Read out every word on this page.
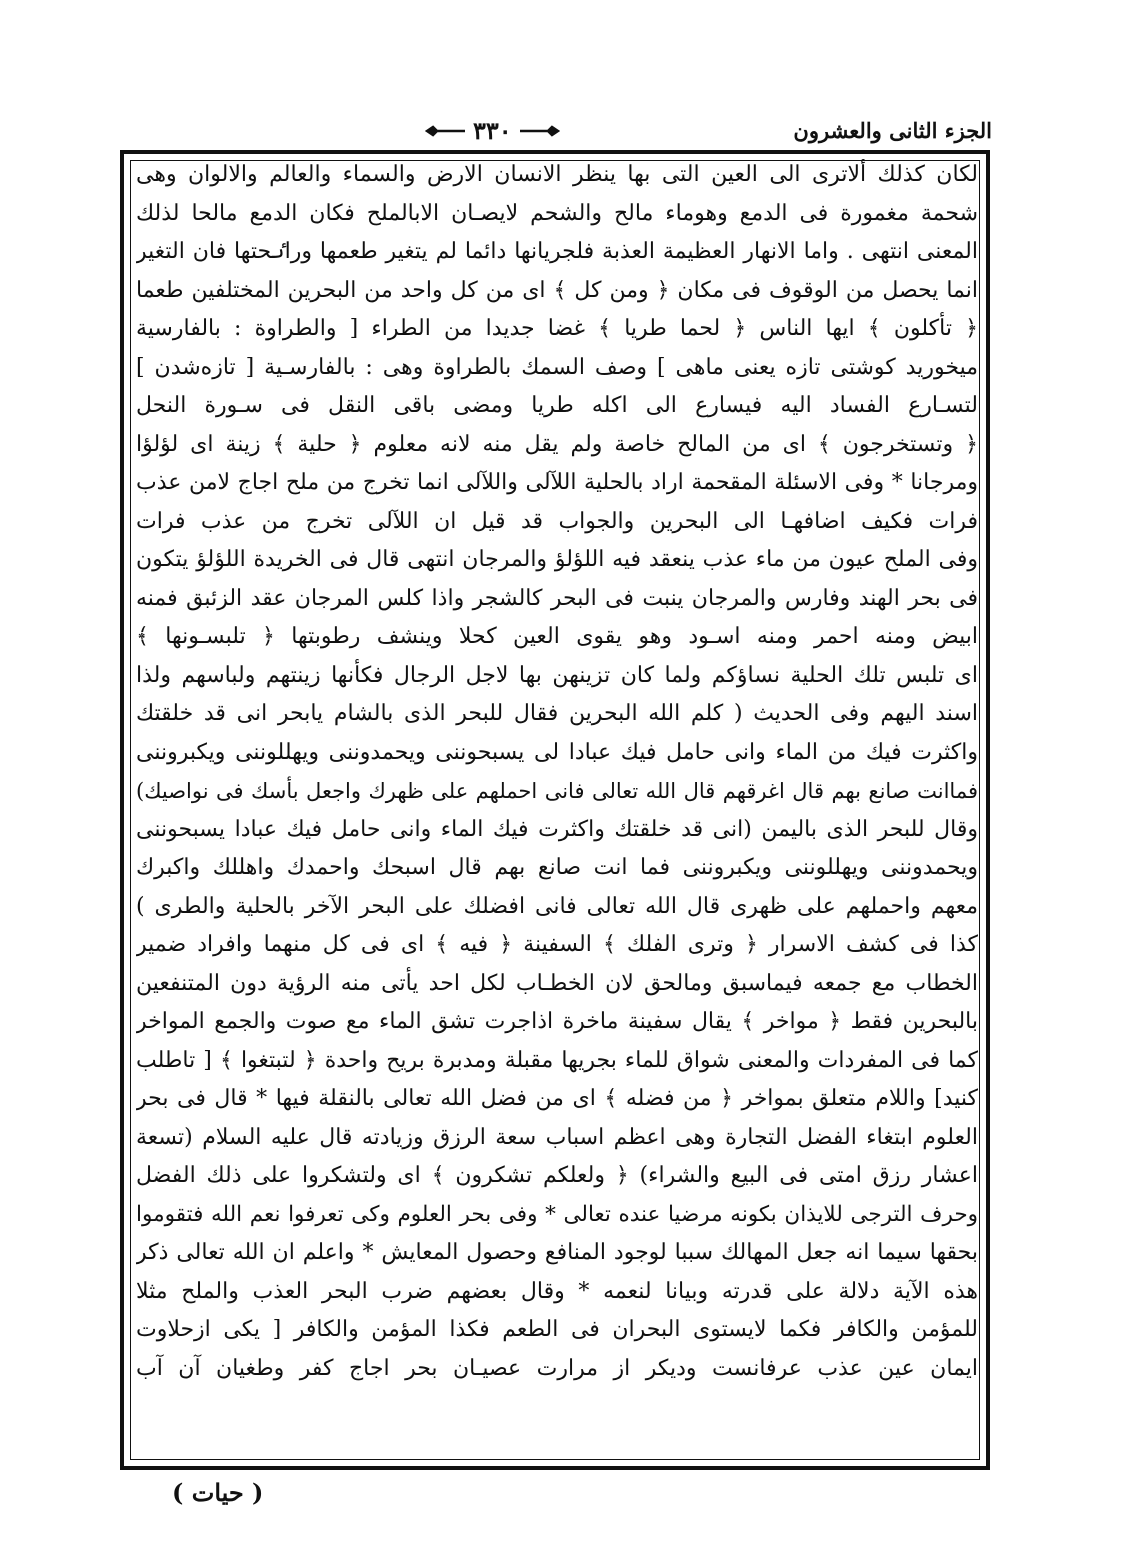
الجزء الثانى والعشرون
٣٣٠
لكان كذلك ألاترى الى العين التى بها ينظر الانسان الارض والسماء والعالم والالوان وهى
شحمة مغمورة فى الدمع وهوماء مالح والشحم لايصـان الابالملح فكان الدمع مالحا لذلك
المعنى انتهى . واما الانهار العظيمة العذبة فلجريانها دائما لم يتغير طعمها وراٸحتها فان التغير
انما يحصل من الوقوف فى مكان ﴿ ومن كل ﴾ اى من كل واحد من البحرين المختلفين طعما
﴿ تأكلون ﴾ ايها الناس ﴿ لحما طريا ﴾ غضا جديدا من الطراء [ والطراوة : بالفارسية
ميخوريد كوشتى تازه يعنى ماهى ] وصف السمك بالطراوة وهى : بالفارسـية [ تازه‌شدن ]
لتسـارع الفساد اليه فيسارع الى اكله طريا ومضى باقى النقل فى سـورة النحل
﴿ وتستخرجون ﴾ اى من المالح خاصة ولم يقل منه لانه معلوم ﴿ حلية ﴾ زينة اى لؤلؤا
ومرجانا * وفى الاسئلة المقحمة اراد بالحلية اللآلى واللآلى انما تخرج من ملح اجاج لامن عذب
فرات فكيف اضافهـا الى البحرين والجواب قد قيل ان اللآلى تخرج من عذب فرات
وفى الملح عيون من ماء عذب ينعقد فيه اللؤلؤ والمرجان انتهى قال فى الخريدة اللؤلؤ يتكون
فى بحر الهند وفارس والمرجان ينبت فى البحر كالشجر واذا كلس المرجان عقد الزئبق فمنه
ابيض ومنه احمر ومنه اسـود وهو يقوى العين كحلا وينشف رطوبتها ﴿ تلبسـونها ﴾
اى تلبس تلك الحلية نساؤكم ولما كان تزينهن بها لاجل الرجال فكأنها زينتهم ولباسهم ولذا
اسند اليهم وفى الحديث ( كلم الله البحرين فقال للبحر الذى بالشام يابحر انى قد خلقتك
واكثرت فيك من الماء وانى حامل فيك عبادا لى يسبحوننى ويحمدوننى ويهللوننى ويكبروننى
فماانت صانع بهم قال اغرقهم قال الله تعالى فانى احملهم على ظهرك واجعل بأسك فى نواصيك)
وقال للبحر الذى باليمن (انى قد خلقتك واكثرت فيك الماء وانى حامل فيك عبادا يسبحوننى
ويحمدوننى ويهللوننى ويكبروننى فما انت صانع بهم قال اسبحك واحمدك واهللك واكبرك
معهم واحملهم على ظهرى قال الله تعالى فانى افضلك على البحر الآخر بالحلية والطرى )
كذا فى كشف الاسرار ﴿ وترى الفلك ﴾ السفينة ﴿ فيه ﴾ اى فى كل منهما وافراد ضمير
الخطاب مع جمعه فيماسبق ومالحق لان الخطـاب لكل احد يأتى منه الرؤية دون المتنفعين
بالبحرين فقط ﴿ مواخر ﴾ يقال سفينة ماخرة اذاجرت تشق الماء مع صوت والجمع المواخر
كما فى المفردات والمعنى شواق للماء بجريها مقبلة ومدبرة بريح واحدة ﴿ لتبتغوا ﴾ [ تاطلب
كنيد] واللام متعلق بمواخر ﴿ من فضله ﴾ اى من فضل الله تعالى بالنقلة فيها * قال فى بحر
العلوم ابتغاء الفضل التجارة وهى اعظم اسباب سعة الرزق وزيادته قال عليه السلام (تسعة
اعشار رزق امتى فى البيع والشراء) ﴿ ولعلكم تشكرون ﴾ اى ولتشكروا على ذلك الفضل
وحرف الترجى للايذان بكونه مرضيا عنده تعالى * وفى بحر العلوم وكى تعرفوا نعم الله فتقوموا
بحقها سيما انه جعل المهالك سببا لوجود المنافع وحصول المعايش * واعلم ان الله تعالى ذكر
هذه الآية دلالة على قدرته وبيانا لنعمه * وقال بعضهم ضرب البحر العذب والملح مثلا
للمؤمن والكافر فكما لايستوى البحران فى الطعم فكذا المؤمن والكافر [ يكى ازحلاوت
ايمان عين عذب عرفانست وديكر از مرارت عصيـان بحر اجاج كفر وطغيان آن آب
( حيات )
